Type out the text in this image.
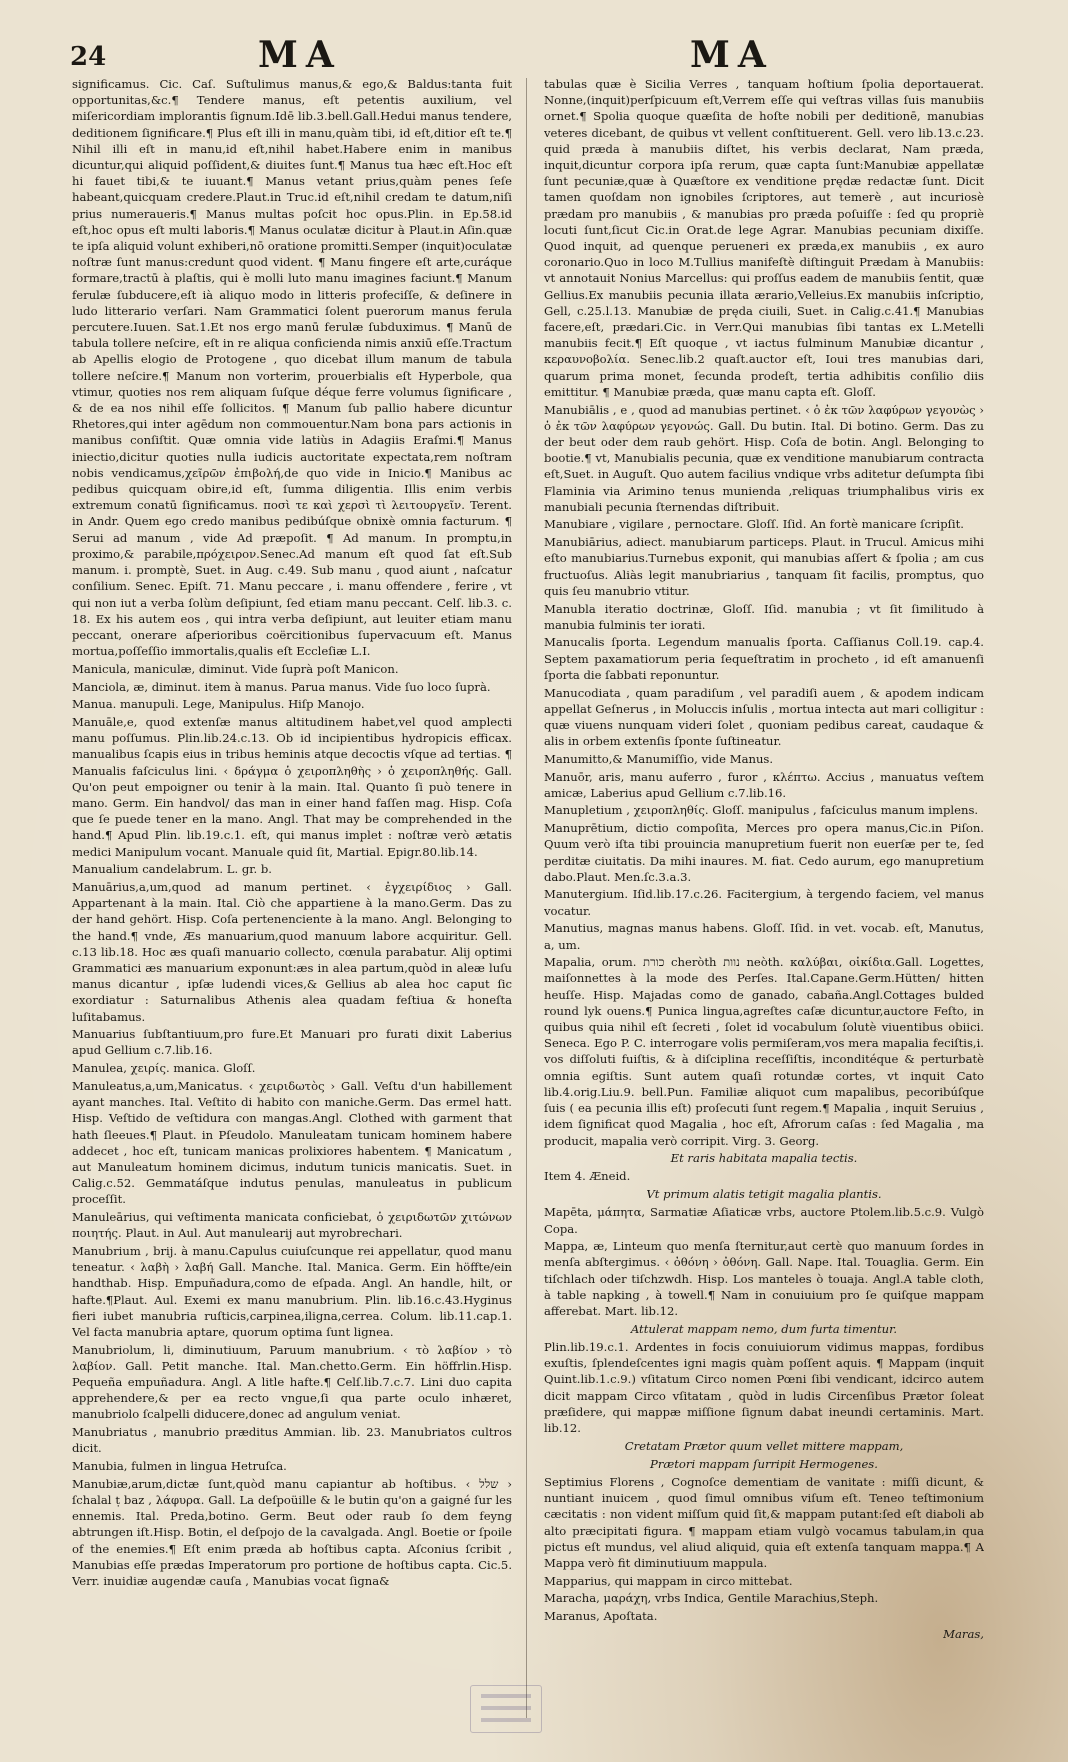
24	MA	MA
significamus. Cic. Caſ. Suſtulimus manus,& ego,& Baldus:tanta fuit opportunitas,&c.¶ Tendere manus, eſt petentis auxilium, vel miſericordiam implorantis ſignum.Idē lib.3.bell.Gall.Hedui manus tendere, deditionem ſignificare.¶ Plus eſt illi in manu,quàm tibi, id eſt,ditior eſt te.¶ Nihil illi eſt in manu,id eſt,nihil habet.Habere enim in manibus dicuntur,qui aliquid poſſident,& diuites ſunt.¶ Manus tua hæc eſt.Hoc eſt hi fauet tibi,& te iuuant.¶ Manus vetant prius,quàm penes ſeſe habeant,quicquam credere.Plaut.in Truc.id eſt,nihil credam te datum,niſi prius numeraueris.¶ Manus multas poſcit hoc opus.Plin. in Ep.58.id eſt,hoc opus eſt multi laboris.¶ Manus oculatæ dicitur à Plaut.in Aſin.quæ te ipſa aliquid volunt exhiberi,nō oratione promitti.Semper (inquit)oculatæ noſtræ ſunt manus:credunt quod vident. ¶ Manu fingere eſt arte,curáque formare,tractū à plaſtis, qui è molli luto manu imagines faciunt.¶ Manum ferulæ ſubducere,eſt ià aliquo modo in litteris profeciſſe, & deſinere in ludo litterario verſari. Nam Grammatici ſolent puerorum manus ferula percutere.Iuuen. Sat.1.Et nos ergo manū ferulæ ſubduximus. ¶ Manū de tabula tollere neſcire, eſt in re aliqua conficienda nimis anxiū eſſe.Tractum ab Apellis elogio de Protogene , quo dicebat illum manum de tabula tollere neſcire.¶ Manum non vorterim, prouerbialis eſt Hyperbole, qua vtimur, quoties nos rem aliquam ſuſque déque ferre volumus ſignificare , & de ea nos nihil eſſe ſollicitos. ¶ Manum ſub pallio habere dicuntur Rhetores,qui inter agēdum non commouentur.Nam bona pars actionis in manibus conſiſtit. Quæ omnia vide latiùs in Adagiis Eraſmi.¶ Manus iniectio,dicitur quoties nulla iudicis auctoritate expectata,rem noſtram nobis vendicamus,χεῖρῶν ἐπιβολή,de quo vide in Inicio.¶ Manibus ac pedibus quicquam obire,id eſt, ſumma diligentia. Illis enim verbis extremum conatū ſignificamus. ποσὶ τε καὶ χερσὶ τὶ λειτουργεῖν. Terent. in Andr. Quem ego credo manibus pedibúſque obnixè omnia facturum. ¶ Serui ad manum , vide Ad præpoſit. ¶ Ad manum. In promptu,in proximo,& parabile,πρόχειρον.Senec.Ad manum eſt quod ſat eſt.Sub manum. i. promptè, Suet. in Aug. c.49. Sub manu , quod aiunt , naſcatur conſilium. Senec. Epiſt. 71. Manu peccare , i. manu offendere , ferire , vt qui non iut a verba ſolùm deſipiunt, ſed etiam manu peccant. Celſ. lib.3. c. 18. Ex his autem eos , qui intra verba deſipiunt, aut leuiter etiam manu peccant, onerare aſperioribus coërcitionibus ſupervacuum eſt. Manus mortua,poſſeſſio immortalis,qualis eſt Eccleſiæ L.I.
Manicula, maniculæ, diminut. Vide ſuprà poſt Manicon.
Manciola, æ, diminut. item à manus. Parua manus. Vide ſuo loco ſuprà.
Manua. manupuli. Lege, Manipulus. Hiſp Manojo.
Manuāle,e, quod extenſæ manus altitudinem habet,vel quod amplecti manu poſſumus. Plin.lib.24.c.13. Ob id incipientibus hydropicis efficax. manualibus ſcapis eius in tribus heminis atque decoctis vſque ad tertias. ¶ Manualis faſciculus lini. ‹ δράγμα ὁ χειροπληθὴς › ὁ χειροπληθής. Gall. Qu'on peut empoigner ou tenir à la main. Ital. Quanto ſi può tenere in mano. Germ. Ein handvol/ das man in einer hand faſſen mag. Hisp. Coſa que ſe puede tener en la mano. Angl. That may be comprehended in the hand.¶ Apud Plin. lib.19.c.1. eſt, qui manus implet : noſtræ verò ætatis medici Manipulum vocant. Manuale quid ſit, Martial. Epigr.80.lib.14.
Manualium candelabrum. L. gr. b.
Manuārius,a,um,quod ad manum pertinet. ‹ ἐγχειρίδιος › Gall. Appartenant à la main. Ital. Ciò che appartiene à la mano.Germ. Das zu der hand gehört. Hisp. Coſa pertenenciente à la mano. Angl. Belonging to the hand.¶ vnde, Æs manuarium,quod manuum labore acquiritur. Gell. c.13 lib.18. Hoc æs quaſi manuario collecto, cœnula parabatur. Alij optimi Grammatici æs manuarium exponunt:æs in alea partum,quòd in aleæ luſu manus dicantur , ipſæ ludendi vices,& Gellius ab alea hoc caput ſic exordiatur : Saturnalibus Athenis alea quadam feſtiua & honeſta luſitabamus.
Manuarius ſubſtantiuum,pro fure.Et Manuari pro furati dixit Laberius apud Gellium c.7.lib.16.
Manulea, χειρίς. manica. Gloſſ.
Manuleatus,a,um,Manicatus. ‹ χειριδωτὸς › Gall. Veſtu d'un habillement ayant manches. Ital. Veſtito di habito con maniche.Germ. Das ermel hatt. Hisp. Veſtido de veſtidura con mangas.Angl. Clothed with garment that hath ſleeues.¶ Plaut. in Pſeudolo. Manuleatam tunicam hominem habere addecet , hoc eſt, tunicam manicas prolixiores habentem. ¶ Manicatum , aut Manuleatum hominem dicimus, indutum tunicis manicatis. Suet. in Calig.c.52. Gemmatáſque indutus penulas, manuleatus in publicum proceſſit.
Manuleārius, qui veſtimenta manicata conficiebat, ὁ χειριδωτῶν χιτώνων ποιητής. Plaut. in Aul. Aut manulearij aut myrobrechari.
Manubrium , brij. à manu.Capulus cuiuſcunque rei appellatur, quod manu teneatur. ‹ λαβὴ › λαβή Gall. Manche. Ital. Manica. Germ. Ein höffte/ein handthab. Hisp. Empuñadura,como de eſpada. Angl. An handle, hilt, or hafte.¶Plaut. Aul. Exemi ex manu manubrium. Plin. lib.16.c.43.Hyginus fieri iubet manubria ruſticis,carpinea,iligna,cerrea. Colum. lib.11.cap.1. Vel facta manubria aptare, quorum optima ſunt lignea.
Manubriolum, li, diminutiuum, Paruum manubrium. ‹ τὸ λαβίον › τὸ λαβίον. Gall. Petit manche. Ital. Man.chetto.Germ. Ein höffrlin.Hisp. Pequeña empuñadura. Angl. A litle hafte.¶ Celſ.lib.7.c.7. Lini duo capita apprehendere,& per ea recto vngue,ſi qua parte oculo inhæret, manubriolo ſcalpelli diducere,donec ad angulum veniat.
Manubriatus , manubrio præditus Ammian. lib. 23. Manubriatos cultros dicit.
Manubia, fulmen in lingua Hetruſca.
Manubiæ,arum,dictæ ſunt,quòd manu capiantur ab hoſtibus. ‹ שלל › ſchalal ṭ baz , λάφυρα. Gall. La deſpoüille & le butin qu'on a gaigné ſur les ennemis. Ital. Preda,botino. Germ. Beut oder raub ſo dem feyng abtrungen iſt.Hisp. Botin, el deſpojo de la cavalgada. Angl. Boetie or ſpoile of the enemies.¶ Eſt enim præda ab hoſtibus capta. Aſconius ſcribit , Manubias eſſe prædas Imperatorum pro portione de hoſtibus capta. Cic.5. Verr. inuidiæ augendæ cauſa , Manubias vocat ſigna&
tabulas quæ è Sicilia Verres , tanquam hoſtium ſpolia deportauerat. Nonne,(inquit)perſpicuum eſt,Verrem eſſe qui veſtras villas ſuis manubiis ornet.¶ Spolia quoque quæſita de hoſte nobili per deditionē, manubias veteres dicebant, de quibus vt vellent conſtituerent. Gell. vero lib.13.c.23. quid præda à manubiis diſtet, his verbis declarat, Nam præda, inquit,dicuntur corpora ipſa rerum, quæ capta ſunt:Manubiæ appellatæ ſunt pecuniæ,quæ à Quæſtore ex venditione prędæ redactæ ſunt. Dicit tamen quoſdam non ignobiles ſcriptores, aut temerè , aut incuriosè prædam pro manubiis , & manubias pro præda poſuiſſe : ſed qu propriè locuti ſunt,ſicut Cic.in Orat.de lege Agrar. Manubias pecuniam dixiſſe. Quod inquit, ad quenque perueneri ex præda,ex manubiis , ex auro coronario.Quo in loco M.Tullius manifeſtè diſtinguit Prædam à Manubiis: vt annotauit Nonius Marcellus: qui proſſus eadem de manubiis ſentit, quæ Gellius.Ex manubiis pecunia illata ærario,Velleius.Ex manubiis inſcriptio, Gell, c.25.l.13. Manubiæ de pręda ciuili, Suet. in Calig.c.41.¶ Manubias facere,eſt, prædari.Cic. in Verr.Qui manubias ſibi tantas ex L.Metelli manubiis fecit.¶ Eſt quoque , vt iactus fulminum Manubiæ dicantur , κεραυνοβολία. Senec.lib.2 quaſt.auctor eſt, Ioui tres manubias dari, quarum prima monet, ſecunda prodeſt, tertia adhibitis conſilio diis emittitur. ¶ Manubiæ præda, quæ manu capta eſt. Gloſſ.
Manubiālis , e , quod ad manubias pertinet. ‹ ὁ ἐκ τῶν λαφύρων γεγονὼς › ὁ ἐκ τῶν λαφύρων γεγονώς. Gall. Du butin. Ital. Di botino. Germ. Das zu der beut oder dem raub gehört. Hisp. Coſa de botin. Angl. Belonging to bootie.¶ vt, Manubialis pecunia, quæ ex venditione manubiarum contracta eſt,Suet. in Auguſt. Quo autem facilius vndique vrbs aditetur deſumpta ſibi Flaminia via Arimino tenus munienda ,reliquas triumphalibus viris ex manubiali pecunia ſternendas diſtribuit.
Manubiare , vigilare , pernoctare. Gloſſ. Iſid. An fortè manicare ſcripſit.
Manubiārius, adiect. manubiarum particeps. Plaut. in Trucul. Amicus mihi eſto manubiarius.Turnebus exponit, qui manubias aſſert & ſpolia ; am cus fructuoſus. Aliàs legit manubriarius , tanquam ſit facilis, promptus, quo quis ſeu manubrio vtitur.
Manubla iteratio doctrinæ, Gloſſ. Iſid. manubia ; vt ſit ſimilitudo à manubia fulminis ter iorati.
Manucalis ſporta. Legendum manualis ſporta. Caſſianus Coll.19. cap.4. Septem paxamatiorum peria ſequeſtratim in procheto , id eſt amanuenſi ſporta die ſabbati reponuntur.
Manucodiata , quam paradiſum , vel paradiſi auem , & apodem indicam appellat Geſnerus , in Moluccis inſulis , mortua intecta aut mari colligitur : quæ viuens nunquam videri ſolet , quoniam pedibus careat, caudaque & alis in orbem extenſis ſponte ſuſtineatur.
Manumitto,& Manumiſſio, vide Manus.
Manuōr, aris, manu auferro , furor , κλέπτω. Accius , manuatus veſtem amicæ, Laberius apud Gellium c.7.lib.16.
Manupletium , χειροπληθίς. Gloſſ. manipulus , faſciculus manum implens.
Manuprētium, dictio compoſita, Merces pro opera manus,Cic.in Piſon. Quum verò iſta tibi prouincia manupretium fuerit non euerſæ per te, ſed perditæ ciuitatis. Da mihi inaures. M. fiat. Cedo aurum, ego manupretium dabo.Plaut. Men.ſc.3.a.3.
Manutergium. Iſid.lib.17.c.26. Facitergium, à tergendo faciem, vel manus vocatur.
Manutius, magnas manus habens. Gloſſ. Iſid. in vet. vocab. eſt, Manutus, a, um.
Mapalia, orum. כורת cheròth נוות neòth. καλύβαι, οἰκίδια.Gall. Logettes, maiſonnettes à la mode des Perſes. Ital.Capane.Germ.Hütten/ hitten heuſſe. Hisp. Majadas como de ganado, cabaña.Angl.Cottages bulded round lyk ouens.¶ Punica lingua,agreſtes caſæ dicuntur,auctore Feſto, in quibus quia nihil eſt ſecreti , ſolet id vocabulum ſolutè viuentibus obiici. Seneca. Ego P. C. interrogare volis permiſeram,vos mera mapalia feciſtis,i. vos diſſoluti fuiſtis, & à diſciplina receſſiſtis, inconditéque & perturbatè omnia egiſtis. Sunt autem quaſi rotundæ cortes, vt inquit Cato lib.4.orig.Liu.9. bell.Pun. Familiæ aliquot cum mapalibus, pecoribúſque ſuis ( ea pecunia illis eſt) proſecuti ſunt regem.¶ Mapalia , inquit Seruius , idem ſignificat quod Magalia , hoc eſt, Afrorum caſas : ſed Magalia , ma producit, mapalia verò corripit. Virg. 3. Georg.
Et raris habitata mapalia tectis.
Item 4. Æneid.
Vt primum alatis tetigit magalia plantis.
Mapēta, μάπητα, Sarmatiæ Aſiaticæ vrbs, auctore Ptolem.lib.5.c.9. Vulgò Copa.
Mappa, æ, Linteum quo menſa ſternitur,aut certè quo manuum ſordes in menſa abſtergimus. ‹ ὀθόνη › ὀθόνη. Gall. Nape. Ital. Touaglia. Germ. Ein tiſchlach oder tiſchzwdh. Hisp. Los manteles ò touaja. Angl.A table cloth, à table napking , à towell.¶ Nam in conuiuium pro ſe quiſque mappam afferebat. Mart. lib.12.
Attulerat mappam nemo, dum furta timentur.
Plin.lib.19.c.1. Ardentes in focis conuiuiorum vidimus mappas, fordibus exuſtis, ſplendeſcentes igni magis quàm poſſent aquis. ¶ Mappam (inquit Quint.lib.1.c.9.) vſitatum Circo nomen Pœni ſibi vendicant, idcirco autem dicit mappam Circo vſitatam , quòd in ludis Circenſibus Prætor ſoleat præſidere, qui mappæ miſſione ſignum dabat ineundi certaminis. Mart. lib.12.
Cretatam Prætor quum vellet mittere mappam,
Prætori mappam ſurripit Hermogenes.
Septimius Florens , Cognoſce dementiam de vanitate : miſſi dicunt, & nuntiant inuicem , quod ſimul omnibus viſum eſt. Teneo teſtimonium cæcitatis : non vident miſſum quid ſit,& mappam putant:ſed eſt diaboli ab alto præcipitati figura. ¶ mappam etiam vulgò vocamus tabulam,in qua pictus eſt mundus, vel aliud aliquid, quia eſt extenſa tanquam mappa.¶ A Mappa verò fit diminutiuum mappula.
Mapparius, qui mappam in circo mittebat.
Maracha, μαράχη, vrbs Indica, Gentile Marachius,Steph.
Maranus, Apoſtata.
Maras,
